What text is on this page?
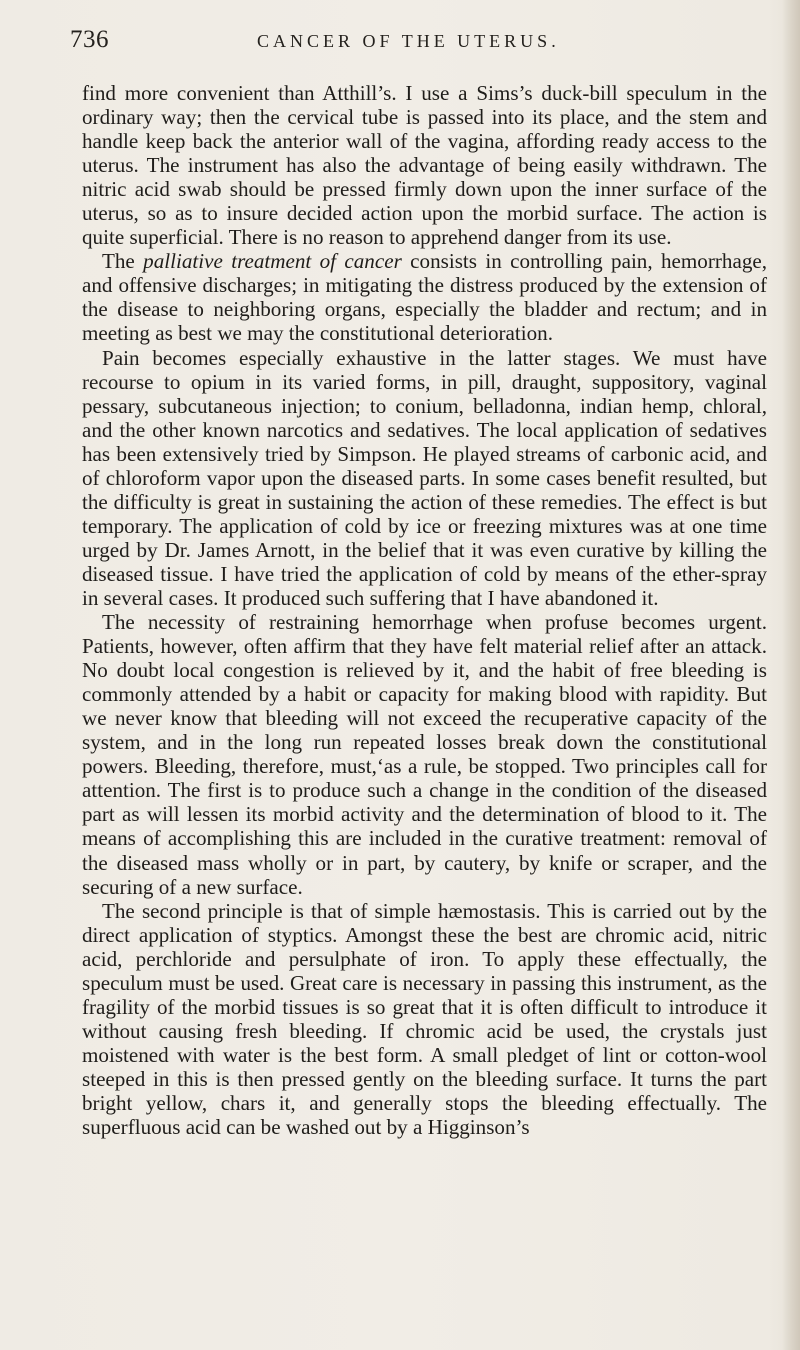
736	CANCER OF THE UTERUS.

find more convenient than Atthill’s. I use a Sims’s duck-bill speculum in the ordinary way; then the cervical tube is passed into its place, and the stem and handle keep back the anterior wall of the vagina, affording ready access to the uterus. The instrument has also the advantage of being easily withdrawn. The nitric acid swab should be pressed firmly down upon the inner surface of the uterus, so as to insure decided action upon the morbid surface. The action is quite superficial. There is no reason to apprehend danger from its use.

The palliative treatment of cancer consists in controlling pain, hemorrhage, and offensive discharges; in mitigating the distress produced by the extension of the disease to neighboring organs, especially the bladder and rectum; and in meeting as best we may the constitutional deterioration.

Pain becomes especially exhaustive in the latter stages. We must have recourse to opium in its varied forms, in pill, draught, suppository, vaginal pessary, subcutaneous injection; to conium, belladonna, indian hemp, chloral, and the other known narcotics and sedatives. The local application of sedatives has been extensively tried by Simpson. He played streams of carbonic acid, and of chloroform vapor upon the diseased parts. In some cases benefit resulted, but the difficulty is great in sustaining the action of these remedies. The effect is but temporary. The application of cold by ice or freezing mixtures was at one time urged by Dr. James Arnott, in the belief that it was even curative by killing the diseased tissue. I have tried the application of cold by means of the ether-spray in several cases. It produced such suffering that I have abandoned it.

The necessity of restraining hemorrhage when profuse becomes urgent. Patients, however, often affirm that they have felt material relief after an attack. No doubt local congestion is relieved by it, and the habit of free bleeding is commonly attended by a habit or capacity for making blood with rapidity. But we never know that bleeding will not exceed the recuperative capacity of the system, and in the long run repeated losses break down the constitutional powers. Bleeding, therefore, must,‘as a rule, be stopped. Two principles call for attention. The first is to produce such a change in the condition of the diseased part as will lessen its morbid activity and the determination of blood to it. The means of accomplishing this are included in the curative treatment: removal of the diseased mass wholly or in part, by cautery, by knife or scraper, and the securing of a new surface.

The second principle is that of simple hæmostasis. This is carried out by the direct application of styptics. Amongst these the best are chromic acid, nitric acid, perchloride and persulphate of iron. To apply these effectually, the speculum must be used. Great care is necessary in passing this instrument, as the fragility of the morbid tissues is so great that it is often difficult to introduce it without causing fresh bleeding. If chromic acid be used, the crystals just moistened with water is the best form. A small pledget of lint or cotton-wool steeped in this is then pressed gently on the bleeding surface. It turns the part bright yellow, chars it, and generally stops the bleeding effectually. The superfluous acid can be washed out by a Higginson’s
